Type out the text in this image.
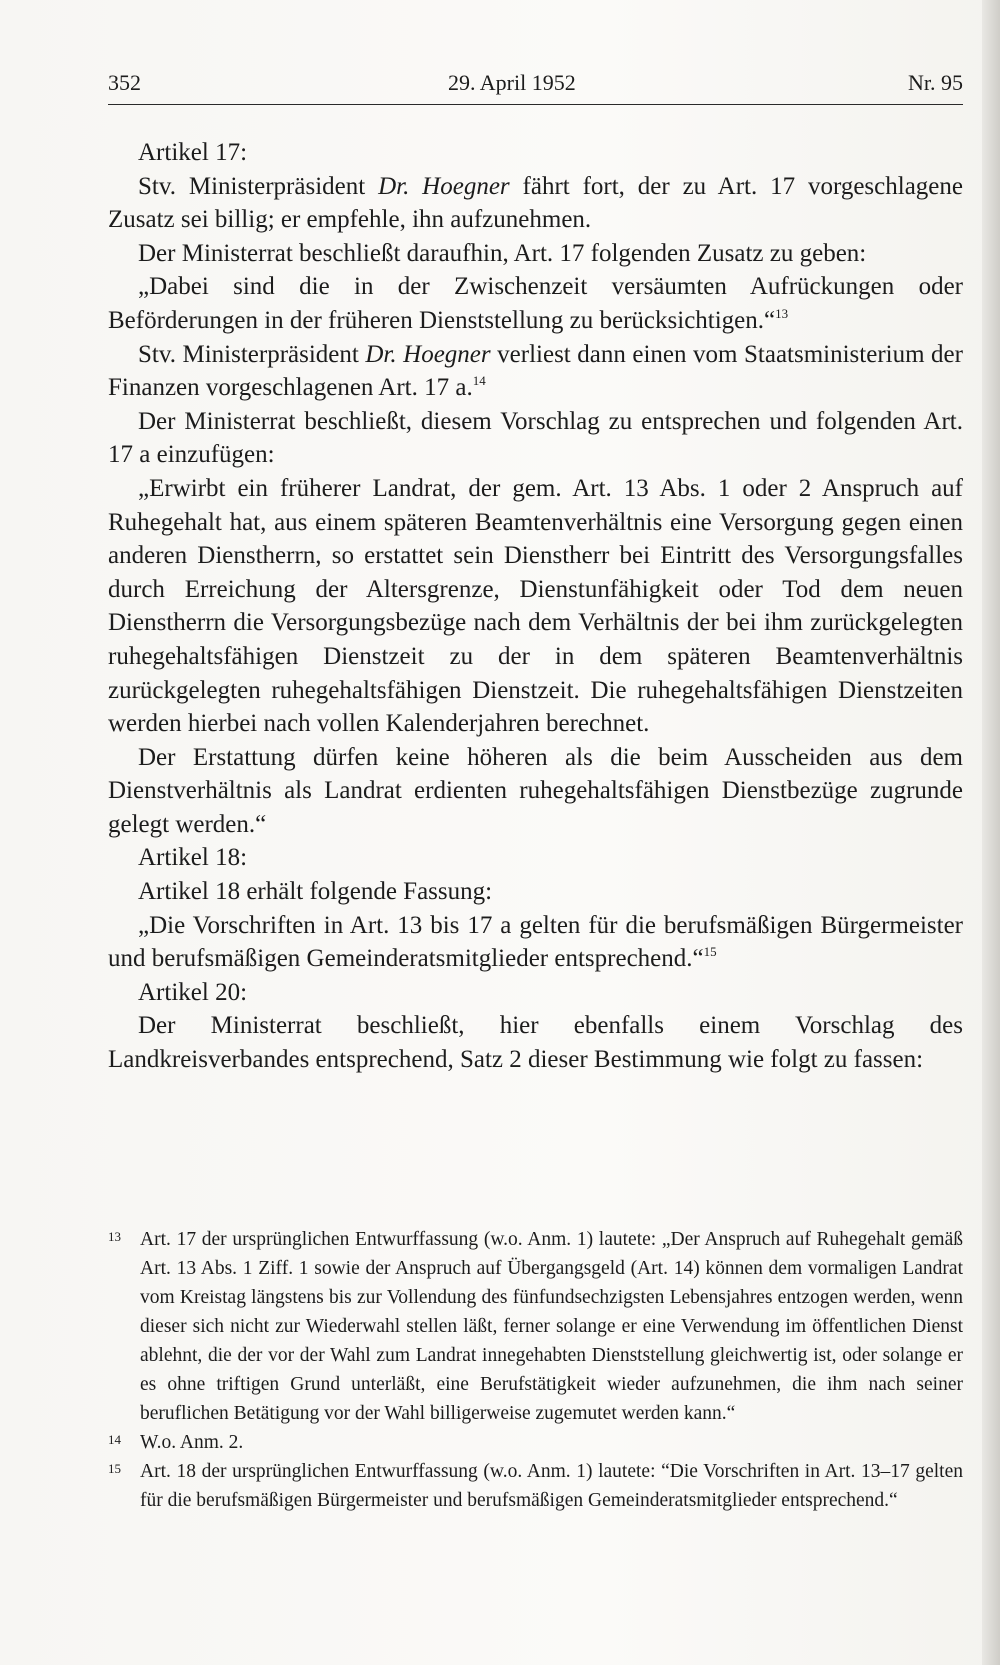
352	29. April 1952	Nr. 95

Artikel 17:

Stv. Ministerpräsident Dr. Hoegner fährt fort, der zu Art. 17 vorgeschlagene Zusatz sei billig; er empfehle, ihn aufzunehmen.

Der Ministerrat beschließt daraufhin, Art. 17 folgenden Zusatz zu geben:

„Dabei sind die in der Zwischenzeit versäumten Aufrückungen oder Beförderungen in der früheren Dienststellung zu berücksichtigen.“$^{13}$

Stv. Ministerpräsident Dr. Hoegner verliest dann einen vom Staatsministerium der Finanzen vorgeschlagenen Art. 17 a.$^{14}$

Der Ministerrat beschließt, diesem Vorschlag zu entsprechen und folgenden Art. 17 a einzufügen:

„Erwirbt ein früherer Landrat, der gem. Art. 13 Abs. 1 oder 2 Anspruch auf Ruhegehalt hat, aus einem späteren Beamtenverhältnis eine Versorgung gegen einen anderen Dienstherrn, so erstattet sein Dienstherr bei Eintritt des Versorgungsfalles durch Erreichung der Altersgrenze, Dienstunfähigkeit oder Tod dem neuen Dienstherrn die Versorgungsbezüge nach dem Verhältnis der bei ihm zurückgelegten ruhegehaltsfähigen Dienstzeit zu der in dem späteren Beamtenverhältnis zurückgelegten ruhegehaltsfähigen Dienstzeit. Die ruhegehaltsfähigen Dienstzeiten werden hierbei nach vollen Kalenderjahren berechnet.

Der Erstattung dürfen keine höheren als die beim Ausscheiden aus dem Dienstverhältnis als Landrat erdienten ruhegehaltsfähigen Dienstbezüge zugrunde gelegt werden.“

Artikel 18:

Artikel 18 erhält folgende Fassung:

„Die Vorschriften in Art. 13 bis 17 a gelten für die berufsmäßigen Bürgermeister und berufsmäßigen Gemeinderatsmitglieder entsprechend.“$^{15}$

Artikel 20:

Der Ministerrat beschließt, hier ebenfalls einem Vorschlag des Landkreisverbandes entsprechend, Satz 2 dieser Bestimmung wie folgt zu fassen:

13 Art. 17 der ursprünglichen Entwurffassung (w.o. Anm. 1) lautete: „Der Anspruch auf Ruhegehalt gemäß Art. 13 Abs. 1 Ziff. 1 sowie der Anspruch auf Übergangsgeld (Art. 14) können dem vormaligen Landrat vom Kreistag längstens bis zur Vollendung des fünfundsechzigsten Lebensjahres entzogen werden, wenn dieser sich nicht zur Wiederwahl stellen läßt, ferner solange er eine Verwendung im öffentlichen Dienst ablehnt, die der vor der Wahl zum Landrat innegehabten Dienststellung gleichwertig ist, oder solange er es ohne triftigen Grund unterläßt, eine Berufstätigkeit wieder aufzunehmen, die ihm nach seiner beruflichen Betätigung vor der Wahl billigerweise zugemutet werden kann.“
14 W.o. Anm. 2.
15 Art. 18 der ursprünglichen Entwurffassung (w.o. Anm. 1) lautete: “Die Vorschriften in Art. 13–17 gelten für die berufsmäßigen Bürgermeister und berufsmäßigen Gemeinderatsmitglieder entsprechend.“
